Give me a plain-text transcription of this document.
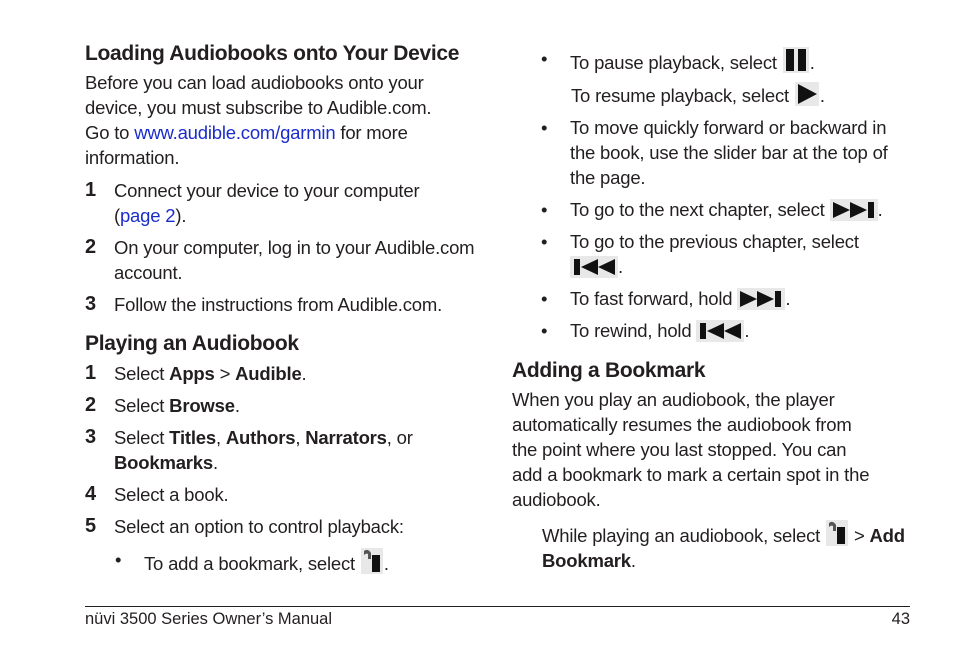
Loading Audiobooks onto Your Device

Before you can load audiobooks onto your
device, you must subscribe to Audible.com.
Go to www.audible.com/garmin for more
information.

1 Connect your device to your computer
(page 2).
2 On your computer, log in to your Audible.com
account.
3 Follow the instructions from Audible.com.
Playing an Audiobook
1 Select Apps > Audible.
2 Select Browse.
3 Select Titles, Authors, Narrators, or
Bookmarks.
4 Select a book.
5 Select an option to control playback:
•	To add a bookmark, select .
•	To pause playback, select .
To resume playback, select .
•	To move quickly forward or backward in
the book, use the slider bar at the top of
the page.
•	To go to the next chapter, select	.
•	To go to the previous chapter, select
.
•	To fast forward, hold	.
•	To rewind, hold	.
Adding a Bookmark

When you play an audiobook, the player
automatically resumes the audiobook from
the point where you last stopped. You can
add a bookmark to mark a certain spot in the
audiobook.

While playing an audiobook, select  > Add
Bookmark.

nüvi 3500 Series Owner’s Manual	43
